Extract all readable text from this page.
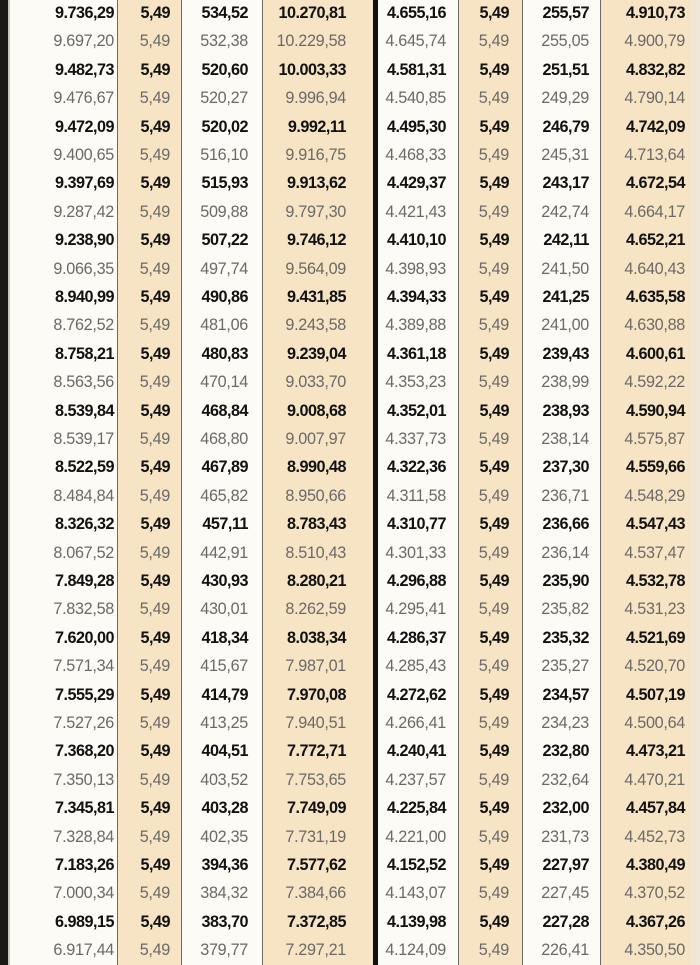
9.736,29	5,49	534,52	10.270,81	4.655,16	5,49	255,57	4.910,73
9.697,20	5,49	532,38	10.229,58	4.645,74	5,49	255,05	4.900,79
9.482,73	5,49	520,60	10.003,33	4.581,31	5,49	251,51	4.832,82
9.476,67	5,49	520,27	9.996,94	4.540,85	5,49	249,29	4.790,14
9.472,09	5,49	520,02	9.992,11	4.495,30	5,49	246,79	4.742,09
9.400,65	5,49	516,10	9.916,75	4.468,33	5,49	245,31	4.713,64
9.397,69	5,49	515,93	9.913,62	4.429,37	5,49	243,17	4.672,54
9.287,42	5,49	509,88	9.797,30	4.421,43	5,49	242,74	4.664,17
9.238,90	5,49	507,22	9.746,12	4.410,10	5,49	242,11	4.652,21
9.066,35	5,49	497,74	9.564,09	4.398,93	5,49	241,50	4.640,43
8.940,99	5,49	490,86	9.431,85	4.394,33	5,49	241,25	4.635,58
8.762,52	5,49	481,06	9.243,58	4.389,88	5,49	241,00	4.630,88
8.758,21	5,49	480,83	9.239,04	4.361,18	5,49	239,43	4.600,61
8.563,56	5,49	470,14	9.033,70	4.353,23	5,49	238,99	4.592,22
8.539,84	5,49	468,84	9.008,68	4.352,01	5,49	238,93	4.590,94
8.539,17	5,49	468,80	9.007,97	4.337,73	5,49	238,14	4.575,87
8.522,59	5,49	467,89	8.990,48	4.322,36	5,49	237,30	4.559,66
8.484,84	5,49	465,82	8.950,66	4.311,58	5,49	236,71	4.548,29
8.326,32	5,49	457,11	8.783,43	4.310,77	5,49	236,66	4.547,43
8.067,52	5,49	442,91	8.510,43	4.301,33	5,49	236,14	4.537,47
7.849,28	5,49	430,93	8.280,21	4.296,88	5,49	235,90	4.532,78
7.832,58	5,49	430,01	8.262,59	4.295,41	5,49	235,82	4.531,23
7.620,00	5,49	418,34	8.038,34	4.286,37	5,49	235,32	4.521,69
7.571,34	5,49	415,67	7.987,01	4.285,43	5,49	235,27	4.520,70
7.555,29	5,49	414,79	7.970,08	4.272,62	5,49	234,57	4.507,19
7.527,26	5,49	413,25	7.940,51	4.266,41	5,49	234,23	4.500,64
7.368,20	5,49	404,51	7.772,71	4.240,41	5,49	232,80	4.473,21
7.350,13	5,49	403,52	7.753,65	4.237,57	5,49	232,64	4.470,21
7.345,81	5,49	403,28	7.749,09	4.225,84	5,49	232,00	4.457,84
7.328,84	5,49	402,35	7.731,19	4.221,00	5,49	231,73	4.452,73
7.183,26	5,49	394,36	7.577,62	4.152,52	5,49	227,97	4.380,49
7.000,34	5,49	384,32	7.384,66	4.143,07	5,49	227,45	4.370,52
6.989,15	5,49	383,70	7.372,85	4.139,98	5,49	227,28	4.367,26
6.917,44	5,49	379,77	7.297,21	4.124,09	5,49	226,41	4.350,50
